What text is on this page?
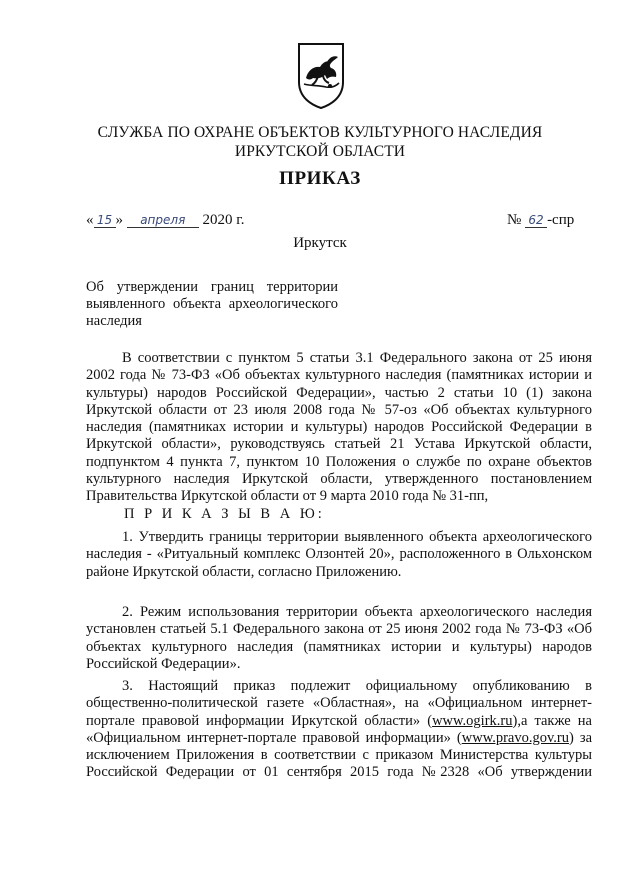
СЛУЖБА ПО ОХРАНЕ ОБЪЕКТОВ КУЛЬТУРНОГО НАСЛЕДИЯ
ИРКУТСКОЙ ОБЛАСТИ
ПРИКАЗ
« 15 » апреля 2020 г.	№ 62 -спр
Иркутск
Об утверждении границ территории выявленного объекта археологического наследия
В соответствии с пунктом 5 статьи 3.1 Федерального закона от 25 июня 2002 года № 73-ФЗ «Об объектах культурного наследия (памятниках истории и культуры) народов Российской Федерации», частью 2 статьи 10 (1) закона Иркутской области от 23 июля 2008 года № 57-оз «Об объектах культурного наследия (памятниках истории и культуры) народов Российской Федерации в Иркутской области», руководствуясь статьей 21 Устава Иркутской области, подпунктом 4 пункта 7, пунктом 10 Положения о службе по охране объектов культурного наследия Иркутской области, утвержденного постановлением Правительства Иркутской области от 9 марта 2010 года № 31-пп,
П Р И К А З Ы В А Ю:
1. Утвердить границы территории выявленного объекта археологического наследия - «Ритуальный комплекс Олзонтей 20», расположенного в Ольхонском районе Иркутской области, согласно Приложению.
2. Режим использования территории объекта археологического наследия установлен статьей 5.1 Федерального закона от 25 июня 2002 года № 73-ФЗ «Об объектах культурного наследия (памятниках истории и культуры) народов Российской Федерации».
3. Настоящий приказ подлежит официальному опубликованию в общественно-политической газете «Областная», на «Официальном интернет-портале правовой информации Иркутской области» (www.ogirk.ru),а также на «Официальном интернет-портале правовой информации» (www.pravo.gov.ru) за исключением Приложения в соответствии с приказом Министерства культуры Российской Федерации от 01 сентября 2015 года №2328 «Об утверждении
